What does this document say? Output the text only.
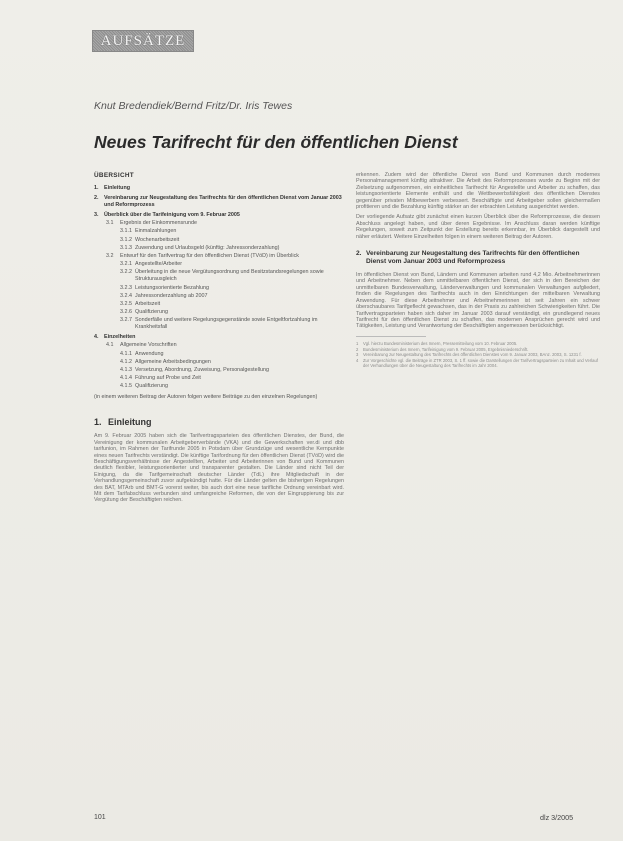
AUFSÄTZE
Knut Bredendiek/Bernd Fritz/Dr. Iris Tewes
Neues Tarifrecht für den öffentlichen Dienst
ÜBERSICHT
1.	Einleitung
2.	Vereinbarung zur Neugestaltung des Tarifrechts für den öffentlichen Dienst vom Januar 2003 und Reformprozess
3.	Überblick über die Tarifeinigung vom 9. Februar 2005
3.1	Ergebnis der Einkommensrunde
3.1.1 Einmalzahlungen
3.1.2 Wochenarbeitszeit
3.1.3 Zuwendung und Urlaubsgeld (künftig: Jahressonderzahlung)
3.2	Entwurf für den Tarifvertrag für den öffentlichen Dienst (TVöD) im Überblick
3.2.1 Angestellte/Arbeiter
3.2.2 Überleitung in die neue Vergütungsordnung und Besitzstandsregelungen sowie Strukturausgleich
3.2.3 Leistungsorientierte Bezahlung
3.2.4 Jahressonderzahlung ab 2007
3.2.5 Arbeitszeit
3.2.6 Qualifizierung
3.2.7 Sonderfälle und weitere Regelungsgegenstände sowie Entgeltfortzahlung im Krankheitsfall
4.	Einzelheiten
4.1	Allgemeine Vorschriften
4.1.1 Anwendung
4.1.2 Allgemeine Arbeitsbedingungen
4.1.3 Versetzung, Abordnung, Zuweisung, Personalgestellung
4.1.4 Führung auf Probe und Zeit
4.1.5 Qualifizierung
(in einem weiteren Beitrag der Autoren folgen weitere Beiträge zu den einzelnen Regelungen)
1. Einleitung

Am 9. Februar 2005 haben sich die Tarifvertragsparteien des öffentlichen Dienstes, der Bund, die Vereinigung der kommunalen Arbeitgeberverbände (VKA) und die Gewerkschaften ver.di und dbb tarifunion, im Rahmen der Tarifrunde 2005 in Potsdam über Grundzüge und wesentliche Kernpunkte eines neuen Tarifrechts verständigt. Die künftige Tarifordnung für den öffentlichen Dienst (TVöD) wird die Beschäftigungsverhältnisse der Angestellten, Arbeiter und Arbeiterinnen von Bund und Kommunen deutlich flexibler, leistungsorientierter und transparenter gestalten. Die Länder sind nicht Teil der Einigung, da die Tarifgemeinschaft deutscher Länder (TdL) ihre Mitgliedschaft in der Verhandlungsgemeinschaft zuvor aufgekündigt hatte. Für die Länder gelten die bisherigen Regelungen des BAT, MTArb und BMT-G vorerst weiter, bis auch dort eine neue tarifliche Ordnung vereinbart wird. Mit dem Tarifabschluss verbunden sind umfangreiche Reformen, die von der Eingruppierung bis zur Vergütung der Beschäftigten reichen.

erkennen. Zudem wird der öffentliche Dienst von Bund und Kommunen durch modernes Personalmanagement künftig attraktiver. Die Arbeit des Reformprozesses wurde zu Beginn mit der Zielsetzung aufgenommen, ein einheitliches Tarifrecht für Angestellte und Arbeiter zu schaffen, das leistungsorientierte Elemente enthält und die Wettbewerbsfähigkeit des öffentlichen Dienstes gegenüber privaten Mitbewerbern verbessert. Beschäftigte und Arbeitgeber sollen gleichermaßen profitieren und die Bezahlung künftig stärker an der erbrachten Leistung ausgerichtet werden.

Der vorliegende Aufsatz gibt zunächst einen kurzen Überblick über die Reformprozesse, die dessen Abschluss angelegt haben, und über deren Ergebnisse. Im Anschluss daran werden künftige Regelungen, soweit zum Zeitpunkt der Erstellung bereits erkennbar, im Überblick dargestellt und näher erläutert. Weitere Einzelheiten folgen in einem weiteren Beitrag der Autoren.

2. Vereinbarung zur Neugestaltung des Tarifrechts für den öffentlichen Dienst vom Januar 2003 und Reformprozess

Im öffentlichen Dienst von Bund, Ländern und Kommunen arbeiten rund 4,2 Mio. Arbeitnehmerinnen und Arbeitnehmer. Neben dem unmittelbaren öffentlichen Dienst, der sich in den Bereichen der unmittelbaren Bundesverwaltung, Länderverwaltungen und kommunalen Verwaltungen aufgliedert, finden die Regelungen des Tarifrechts auch in den Einrichtungen der mittelbaren Verwaltung Anwendung. Für diese Arbeitnehmer und Arbeitnehmerinnen ist seit Jahren ein schwer überschaubares Tarifgeflecht gewachsen, das in der Praxis zu zahlreichen Schwierigkeiten führt. Die Tarifvertragsparteien haben sich daher im Januar 2003 darauf verständigt, ein grundlegend neues Tarifrecht für den öffentlichen Dienst zu schaffen, das modernen Ansprüchen gerecht wird und Tätigkeiten, Leistung und Verantwortung der Beschäftigten angemessen berücksichtigt.

1	Vgl. hierzu Bundesministerium des Innern, Pressemitteilung vom 10. Februar 2005.
2	Bundesministerium des Innern, Tarifeinigung vom 9. Februar 2005, Ergebnisniederschrift.
3	Vereinbarung zur Neugestaltung des Tarifrechts des öffentlichen Dienstes vom 9. Januar 2003, BAnz. 2003, S. 1231 f.
4	Zur Vorgeschichte vgl. die Beiträge in ZTR 2003, S. 1 ff. sowie die Darstellungen der Tarifvertragsparteien zu Inhalt und Verlauf der Verhandlungen über die Neugestaltung des Tarifrechts im Jahr 2004.
101	dlz 3/2005
